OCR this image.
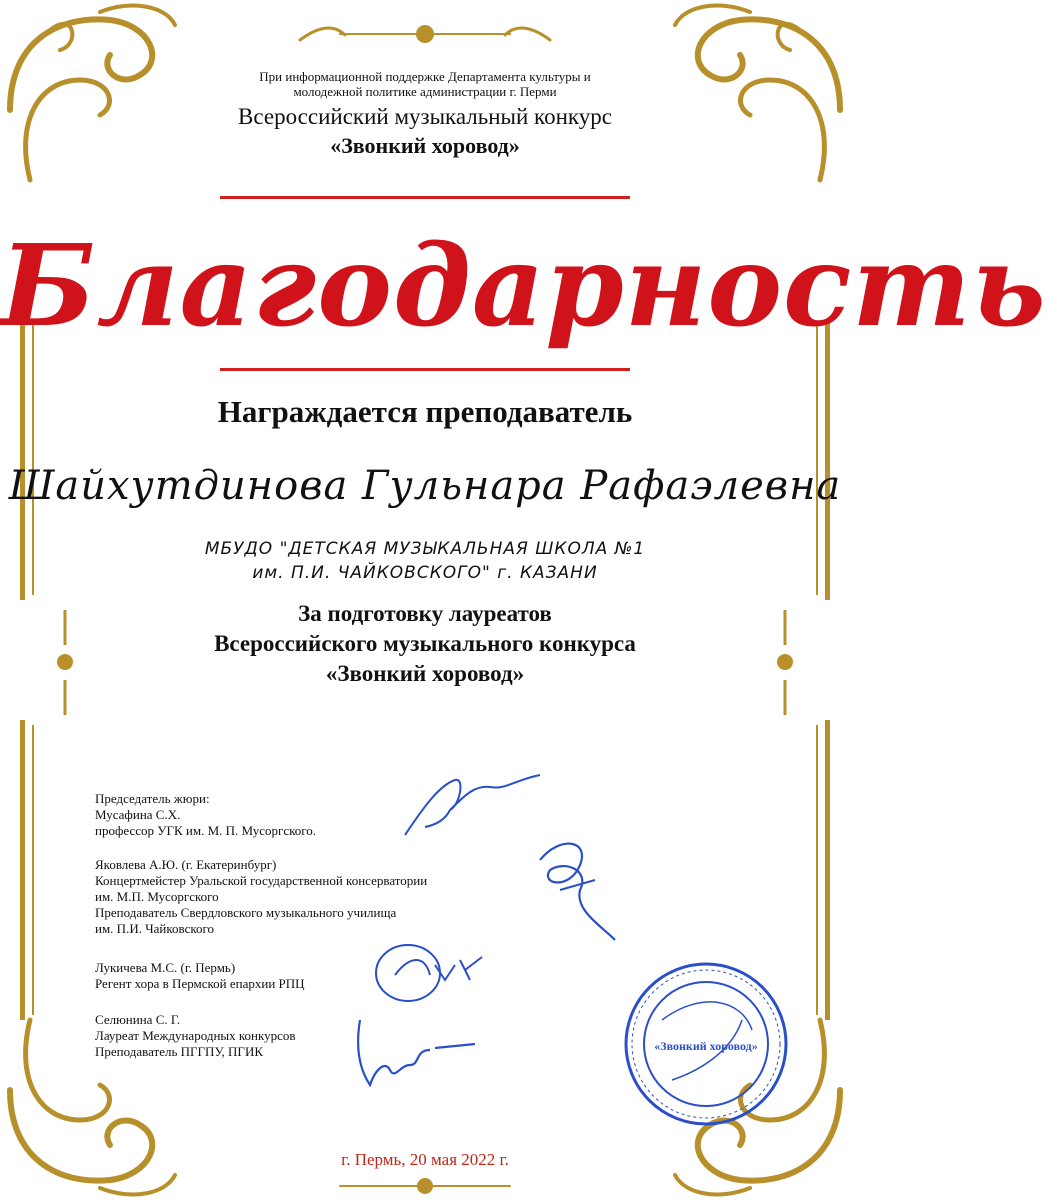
При информационной поддержке Департамента культуры и
молодежной политике администрации г. Перми
Всероссийский музыкальный конкурс
«Звонкий хоровод»
Благодарность
Награждается преподаватель
Шайхутдинова Гульнара Рафаэлевна
МБУДО "ДЕТСКАЯ МУЗЫКАЛЬНАЯ ШКОЛА №1
им. П.И. ЧАЙКОВСКОГО" г. КАЗАНИ
За подготовку лауреатов
Всероссийского музыкального конкурса
«Звонкий хоровод»
Председатель жюри:
Мусафина С.Х.
профессор УГК им. М. П. Мусоргского.
Яковлева А.Ю. (г. Екатеринбург)
Концертмейстер Уральской государственной консерватории
им. М.П. Мусоргского
Преподаватель Свердловского музыкального училища
им. П.И. Чайковского
Лукичева М.С. (г. Пермь)
Регент хора в Пермской епархии РПЦ
Селюнина С. Г.
Лауреат Международных конкурсов
Преподаватель ПГГПУ, ПГИК	«Звонкий хоровод»
г. Пермь, 20 мая 2022 г.
